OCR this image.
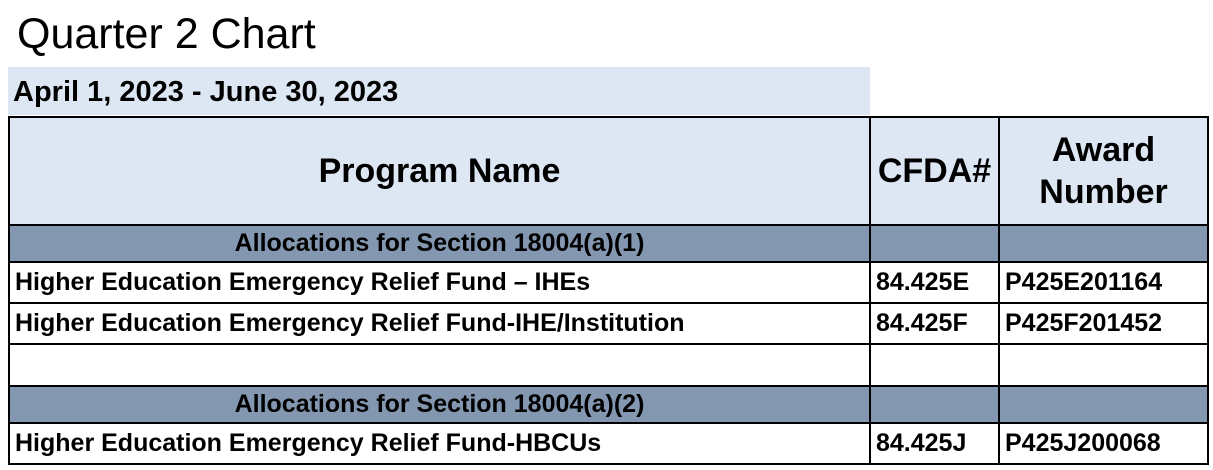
Quarter 2 Chart
April 1, 2023 - June 30, 2023
Program Name	CFDA#	Award
Number

Allocations for Section 18004(a)(1)		
Higher Education Emergency Relief Fund – IHEs	84.425E	P425E201164
Higher Education Emergency Relief Fund-IHE/Institution	84.425F	P425F201452

Allocations for Section 18004(a)(2)		
Higher Education Emergency Relief Fund-HBCUs	84.425J	P425J200068
